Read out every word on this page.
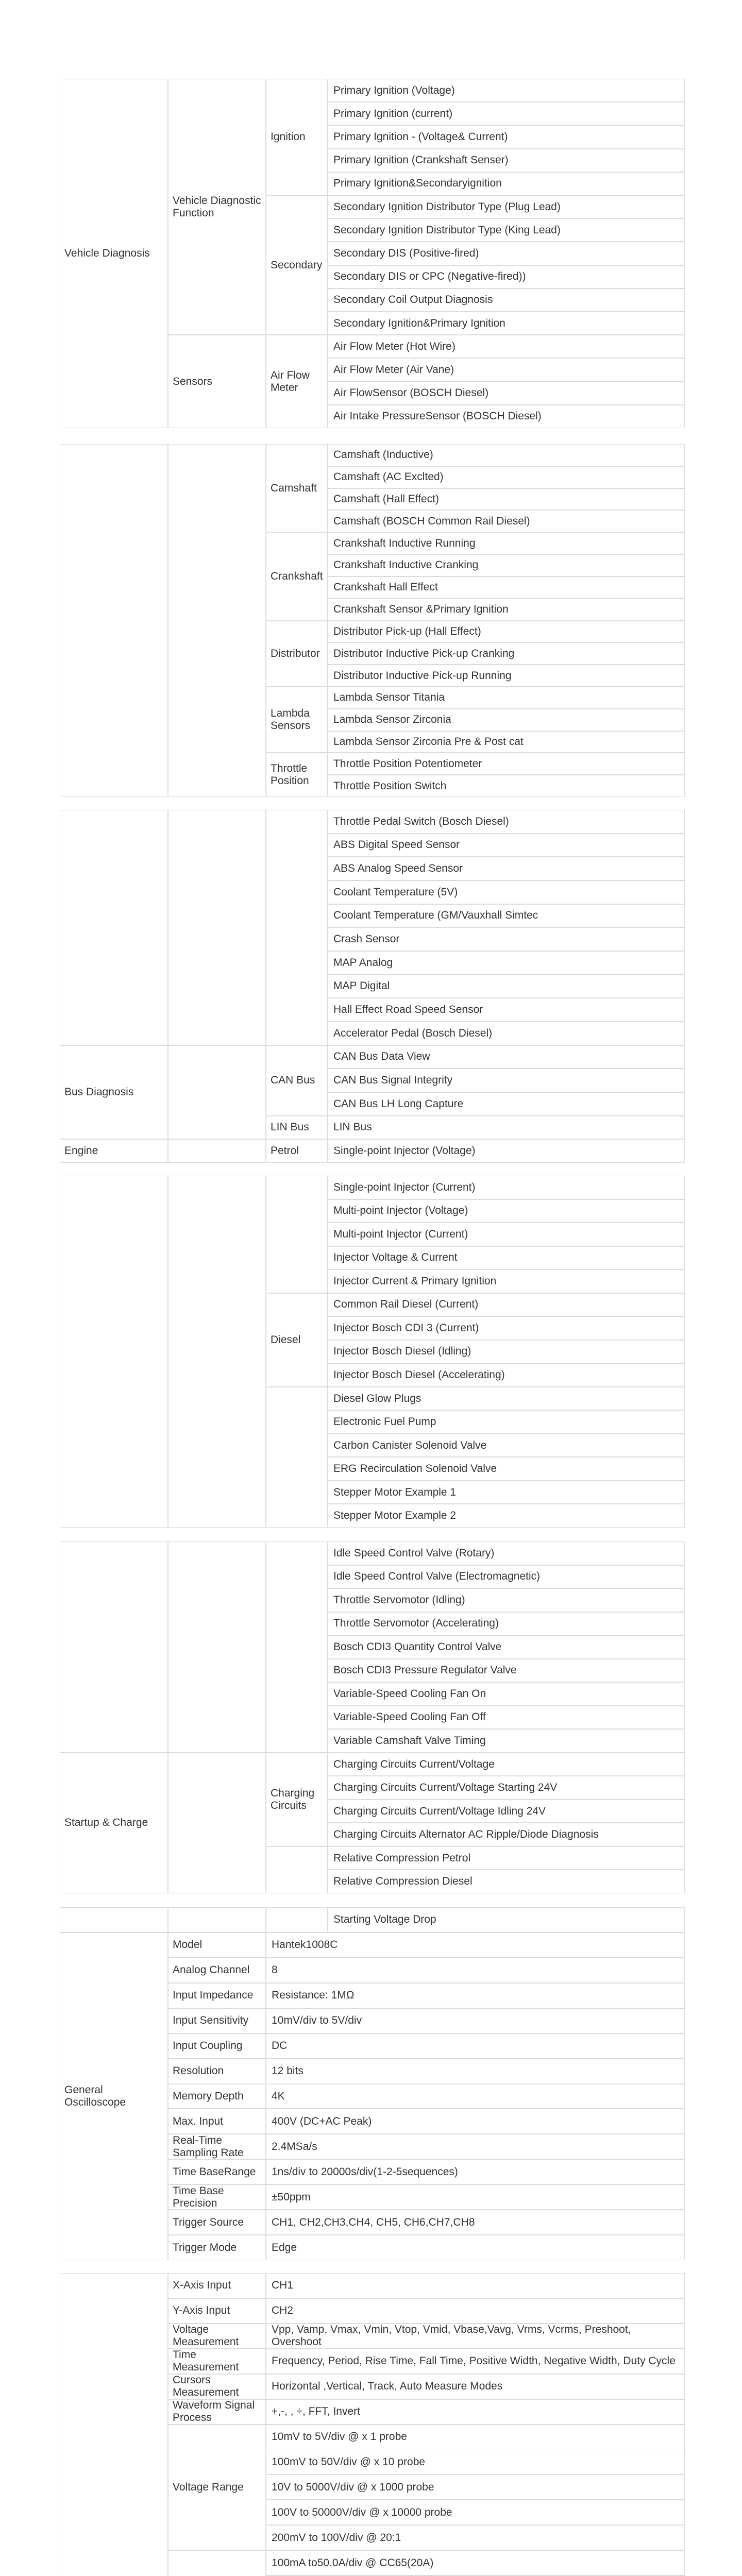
Primary Ignition (Voltage)
Primary Ignition (current)
Primary Ignition - (Voltage& Current)
Primary Ignition (Crankshaft Senser)
Primary Ignition&Secondaryignition
Ignition
Secondary Ignition Distributor Type (Plug Lead)
Secondary Ignition Distributor Type (King Lead)
Secondary DIS (Positive-fired)
Secondary DIS or CPC (Negative-fired))
Secondary Coil Output Diagnosis
Secondary Ignition&Primary Ignition
Secondary
Vehicle Diagnostic Function
Air Flow Meter (Hot Wire)
Air Flow Meter (Air Vane)
Air FlowSensor (BOSCH Diesel)
Air Intake PressureSensor (BOSCH Diesel)
Air Flow Meter
Sensors
Vehicle Diagnosis
Camshaft (Inductive)
Camshaft (AC Exclted)
Camshaft (Hall Effect)
Camshaft (BOSCH Common Rail Diesel)
Camshaft
Crankshaft Inductive Running
Crankshaft Inductive Cranking
Crankshaft Hall Effect
Crankshaft Sensor &Primary Ignition
Crankshaft
Distributor Pick-up (Hall Effect)
Distributor Inductive Pick-up Cranking
Distributor Inductive Pick-up Running
Distributor
Lambda Sensor Titania
Lambda Sensor Zirconia
Lambda Sensor Zirconia Pre & Post cat
Lambda Sensors
Throttle Position Potentiometer
Throttle Position Switch
Throttle Position
Throttle Pedal Switch (Bosch Diesel)
ABS Digital Speed Sensor
ABS Analog Speed Sensor
Coolant Temperature (5V)
Coolant Temperature (GM/Vauxhall Simtec
Crash Sensor
MAP Analog
MAP Digital
Hall Effect Road Speed Sensor
Accelerator Pedal (Bosch Diesel)
CAN Bus Data View
CAN Bus Signal Integrity
CAN Bus LH Long Capture
CAN Bus
LIN Bus
LIN Bus
Bus Diagnosis
Single-point Injector (Voltage)
Petrol
Engine
Single-point Injector (Current)
Multi-point Injector (Voltage)
Multi-point Injector (Current)
Injector Voltage & Current
Injector Current & Primary Ignition
Common Rail Diesel (Current)
Injector Bosch CDI 3 (Current)
Injector Bosch Diesel (Idling)
Injector Bosch Diesel (Accelerating)
Diesel
Diesel Glow Plugs
Electronic Fuel Pump
Carbon Canister Solenoid Valve
ERG Recirculation Solenoid Valve
Stepper Motor Example 1
Stepper Motor Example 2
Idle Speed Control Valve (Rotary)
Idle Speed Control Valve (Electromagnetic)
Throttle Servomotor (Idling)
Throttle Servomotor (Accelerating)
Bosch CDI3 Quantity Control Valve
Bosch CDI3 Pressure Regulator Valve
Variable-Speed Cooling Fan On
Variable-Speed Cooling Fan Off
Variable Camshaft Valve Timing
Charging Circuits Current/Voltage
Charging Circuits Current/Voltage Starting 24V
Charging Circuits Current/Voltage Idling 24V
Charging Circuits Alternator AC Ripple/Diode Diagnosis
Charging Circuits
Relative Compression Petrol
Relative Compression Diesel
Startup & Charge
Starting Voltage Drop
Hantek1008C
Model
8
Analog Channel
Resistance: 1MΩ
Input Impedance
10mV/div to 5V/div
Input Sensitivity
DC
Input Coupling
12 bits
Resolution
4K
Memory Depth
400V (DC+AC Peak)
Max. Input
2.4MSa/s
Real-Time Sampling Rate
1ns/div to 20000s/div(1-2-5sequences)
Time BaseRange
±50ppm
Time Base Precision
CH1, CH2,CH3,CH4, CH5, CH6,CH7,CH8
Trigger Source
Edge
Trigger Mode
General Oscilloscope
CH1
X-Axis Input
CH2
Y-Axis Input
Vpp, Vamp, Vmax, Vmin, Vtop, Vmid, Vbase,Vavg, Vrms, Vcrms, Preshoot, Overshoot
Voltage Measurement
Frequency, Period, Rise Time, Fall Time, Positive Width, Negative Width, Duty Cycle
Time Measurement
Horizontal ,Vertical, Track, Auto Measure Modes
Cursors Measurement
+,-, , ÷, FFT, Invert
Waveform Signal Process
10mV to 5V/div @ x 1 probe
100mV to 50V/div @ x 10 probe
10V to 5000V/div @ x 1000 probe
100V to 50000V/div @ x 10000 probe
200mV to 100V/div @ 20:1
Voltage Range
100mA to50.0A/div @ CC65(20A)
